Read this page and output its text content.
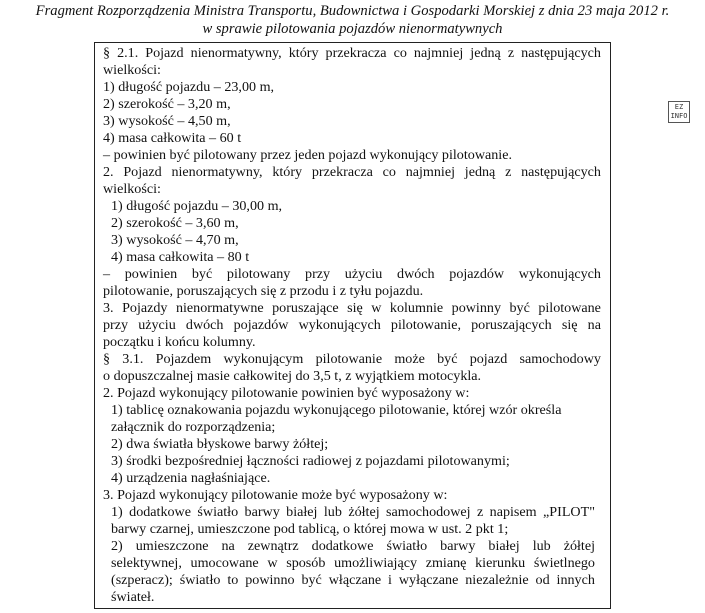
Fragment Rozporządzenia Ministra Transportu, Budownictwa i Gospodarki Morskiej z dnia 23 maja 2012 r.
w sprawie pilotowania pojazdów nienormatywnych
§ 2.1. Pojazd nienormatywny, który przekracza co najmniej jedną z następujących
wielkości:
1) długość pojazdu – 23,00 m,
2) szerokość – 3,20 m,
3) wysokość – 4,50 m,
4) masa całkowita – 60 t
– powinien być pilotowany przez jeden pojazd wykonujący pilotowanie.
2. Pojazd nienormatywny, który przekracza co najmniej jedną z następujących
wielkości:
1) długość pojazdu – 30,00 m,
2) szerokość – 3,60 m,
3) wysokość – 4,70 m,
4) masa całkowita – 80 t
– powinien być pilotowany przy użyciu dwóch pojazdów wykonujących
pilotowanie, poruszających się z przodu i z tyłu pojazdu.
3. Pojazdy nienormatywne poruszające się w kolumnie powinny być pilotowane
przy użyciu dwóch pojazdów wykonujących pilotowanie, poruszających się na
początku i końcu kolumny.
§ 3.1. Pojazdem wykonującym pilotowanie może być pojazd samochodowy
o dopuszczalnej masie całkowitej do 3,5 t, z wyjątkiem motocykla.
2. Pojazd wykonujący pilotowanie powinien być wyposażony w:
1) tablicę oznakowania pojazdu wykonującego pilotowanie, której wzór określa
załącznik do rozporządzenia;
2) dwa światła błyskowe barwy żółtej;
3) środki bezpośredniej łączności radiowej z pojazdami pilotowanymi;
4) urządzenia nagłaśniające.
3. Pojazd wykonujący pilotowanie może być wyposażony w:
1) dodatkowe światło barwy białej lub żółtej samochodowej z napisem „PILOT"
barwy czarnej, umieszczone pod tablicą, o której mowa w ust. 2 pkt 1;
2) umieszczone na zewnątrz dodatkowe światło barwy białej lub żółtej
selektywnej, umocowane w sposób umożliwiający zmianę kierunku świetlnego
(szperacz); światło to powinno być włączane i wyłączane niezależnie od innych
świateł.
EZ
INFO
